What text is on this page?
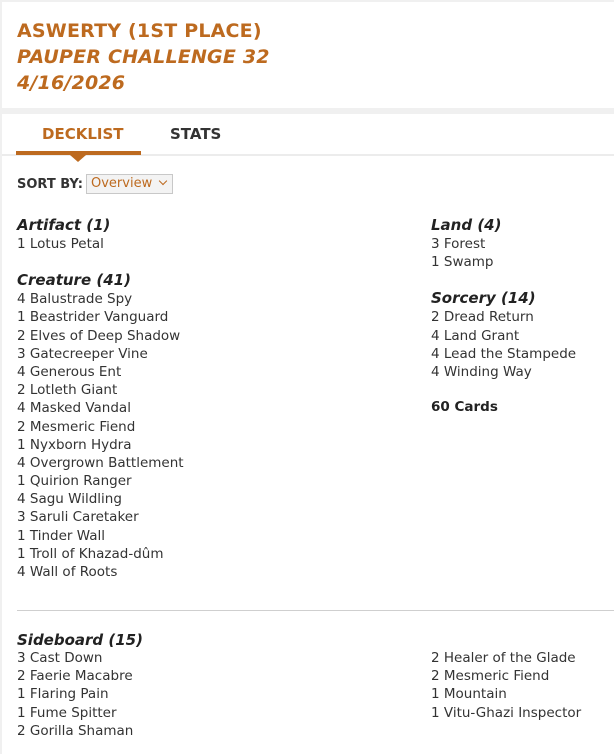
ASWERTY (1ST PLACE)
PAUPER CHALLENGE 32
4/16/2026
DECKLIST	STATS
SORT BY: Overview
Artifact (1)
1 Lotus Petal
Creature (41)
4 Balustrade Spy
1 Beastrider Vanguard
2 Elves of Deep Shadow
3 Gatecreeper Vine
4 Generous Ent
2 Lotleth Giant
4 Masked Vandal
2 Mesmeric Fiend
1 Nyxborn Hydra
4 Overgrown Battlement
1 Quirion Ranger
4 Sagu Wildling
3 Saruli Caretaker
1 Tinder Wall
1 Troll of Khazad-dûm
4 Wall of Roots
Land (4)
3 Forest
1 Swamp
Sorcery (14)
2 Dread Return
4 Land Grant
4 Lead the Stampede
4 Winding Way
60 Cards
Sideboard (15)
3 Cast Down
2 Faerie Macabre
1 Flaring Pain
1 Fume Spitter
2 Gorilla Shaman
2 Healer of the Glade
2 Mesmeric Fiend
1 Mountain
1 Vitu-Ghazi Inspector
